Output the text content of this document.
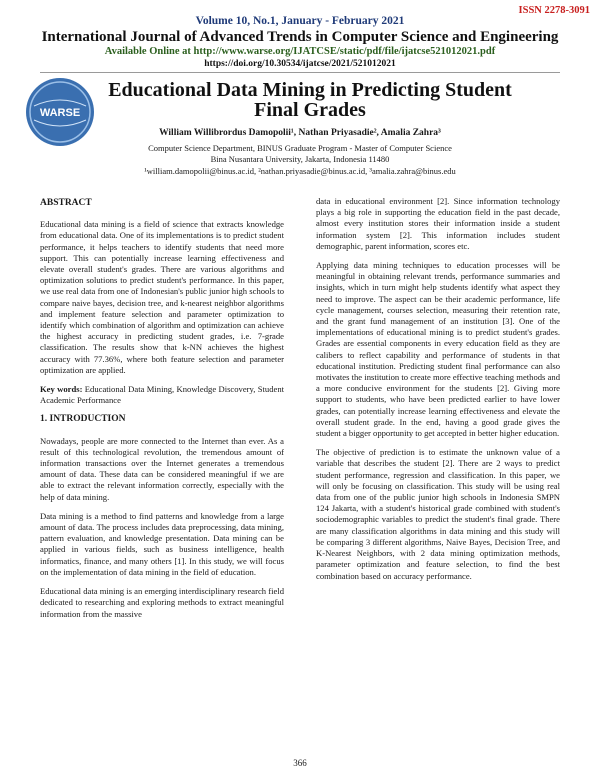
ISSN 2278-3091
Volume 10, No.1, January - February 2021
International Journal of Advanced Trends in Computer Science and Engineering
Available Online at http://www.warse.org/IJATCSE/static/pdf/file/ijatcse521012021.pdf
https://doi.org/10.30534/ijatcse/2021/521012021
WARSE
Educational Data Mining in Predicting Student
Final Grades
William Willibrordus Damopolii¹, Nathan Priyasadie², Amalia Zahra³
Computer Science Department, BINUS Graduate Program - Master of Computer Science
Bina Nusantara University, Jakarta, Indonesia 11480
¹william.damopolii@binus.ac.id, ²nathan.priyasadie@binus.ac.id, ³amalia.zahra@binus.edu
ABSTRACT

Educational data mining is a field of science that extracts knowledge from educational data. One of its implementations is to predict student performance, it helps teachers to identify students that need more support. This can potentially increase learning effectiveness and elevate overall student's grades. There are various algorithms and optimization solutions to predict student's performance. In this paper, we use real data from one of Indonesian's public junior high schools to compare naive bayes, decision tree, and k-nearest neighbor algorithms and implement feature selection and parameter optimization to identify which combination of algorithm and optimization can achieve the highest accuracy in predicting student grades, i.e. 7-grade classification. The results show that k-NN achieves the highest accuracy with 77.36%, where both feature selection and parameter optimization are applied.

Key words: Educational Data Mining, Knowledge Discovery, Student Academic Performance

1. INTRODUCTION

Nowadays, people are more connected to the Internet than ever. As a result of this technological revolution, the tremendous amount of information transactions over the Internet generates a tremendous amount of data. These data can be considered meaningful if we are able to extract the relevant information correctly, especially with the help of data mining.

Data mining is a method to find patterns and knowledge from a large amount of data. The process includes data preprocessing, data mining, pattern evaluation, and knowledge presentation. Data mining can be applied in various fields, such as business intelligence, health informatics, finance, and many others [1]. In this study, we will focus on the implementation of data mining in the field of education.

Educational data mining is an emerging interdisciplinary research field dedicated to researching and exploring methods to extract meaningful information from the massive

data in educational environment [2]. Since information technology plays a big role in supporting the education field in the past decade, almost every institution stores their information inside a student information system [2]. This information includes student demographic, parent information, scores etc.

Applying data mining techniques to education processes will be meaningful in obtaining relevant trends, performance summaries and insights, which in turn might help students identify what aspect they need to improve. The aspect can be their academic performance, life cycle management, courses selection, measuring their retention rate, and the grant fund management of an institution [3]. One of the implementations of educational mining is to predict student's grades. Grades are essential components in every education field as they are calibers to reflect capability and performance of students in that educational institution. Predicting student final performance can also motivates the institution to create more effective teaching methods and a more conducive environment for the students [2]. Giving more support to students, who have been predicted earlier to have lower grades, can potentially increase learning effectiveness and elevate the overall student grade. In the end, having a good grade gives the student a bigger opportunity to get accepted in better higher education.

The objective of prediction is to estimate the unknown value of a variable that describes the student [2]. There are 2 ways to predict student performance, regression and classification. In this paper, we will only be focusing on classification. This study will be using real data from one of the public junior high schools in Indonesia SMPN 124 Jakarta, with a student's historical grade combined with student's sociodemographic variables to predict the student's final grade. There are many classification algorithms in data mining and this study will be comparing 3 different algorithms, Naive Bayes, Decision Tree, and K-Nearest Neighbors, with 2 data mining optimization methods, parameter optimization and feature selection, to find the best combination based on accuracy performance.

366
